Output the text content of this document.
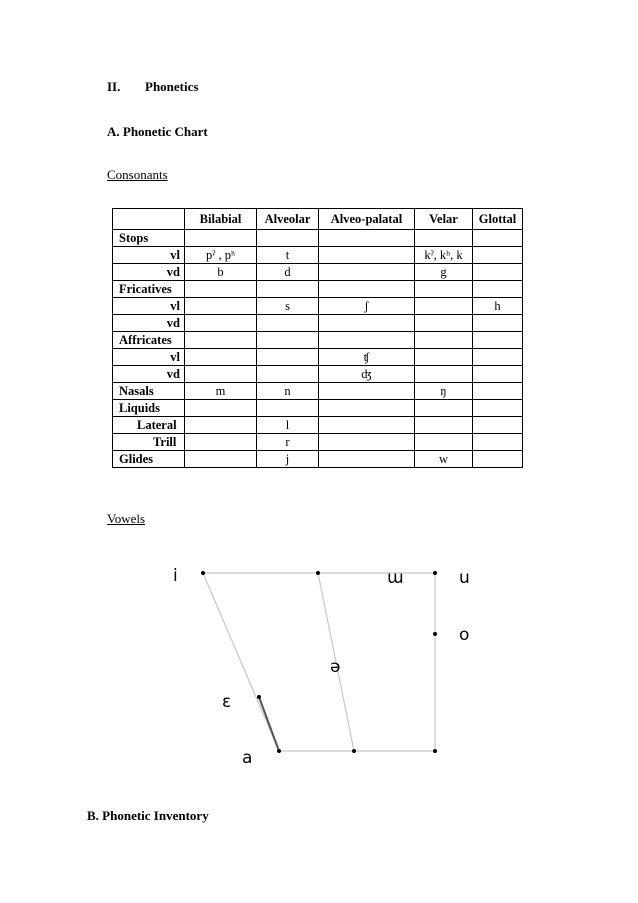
II. Phonetics
A. Phonetic Chart
Consonants
	Bilabial	Alveolar	Alveo-palatal	Velar	Glottal
Stops					
vl	pˀ , pʰ	t		kˀ, kʰ, k	
vd	b	d		g	
Fricatives					
vl		s	ʃ		h
vd					
Affricates					
vl			ʧ		
vd			ʤ		
Nasals	m	n		ŋ	
Liquids					
Lateral		l			
Trill		r			
Glides		j		w	
Vowels
i	ɯ	u
o
ə
ɛ
a
B. Phonetic Inventory
